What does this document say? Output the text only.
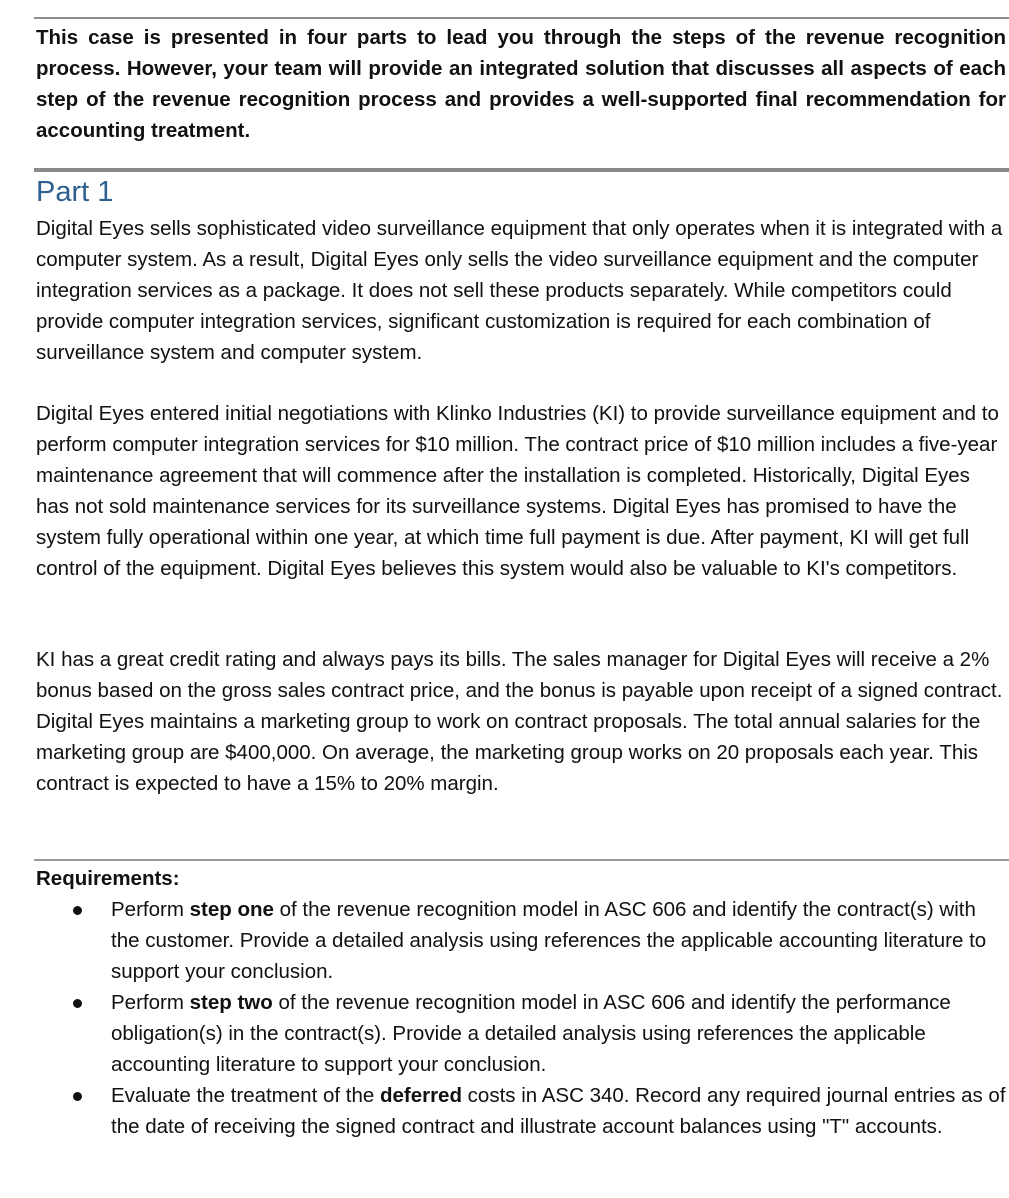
This case is presented in four parts to lead you through the steps of the revenue recognition process. However, your team will provide an integrated solution that discusses all aspects of each step of the revenue recognition process and provides a well-supported final recommendation for accounting treatment.
Part 1
Digital Eyes sells sophisticated video surveillance equipment that only operates when it is integrated with a computer system. As a result, Digital Eyes only sells the video surveillance equipment and the computer integration services as a package. It does not sell these products separately. While competitors could provide computer integration services, significant customization is required for each combination of surveillance system and computer system.
Digital Eyes entered initial negotiations with Klinko Industries (KI) to provide surveillance equipment and to perform computer integration services for $10 million. The contract price of $10 million includes a five-year maintenance agreement that will commence after the installation is completed. Historically, Digital Eyes has not sold maintenance services for its surveillance systems. Digital Eyes has promised to have the system fully operational within one year, at which time full payment is due. After payment, KI will get full control of the equipment. Digital Eyes believes this system would also be valuable to KI's competitors.
KI has a great credit rating and always pays its bills. The sales manager for Digital Eyes will receive a 2% bonus based on the gross sales contract price, and the bonus is payable upon receipt of a signed contract. Digital Eyes maintains a marketing group to work on contract proposals. The total annual salaries for the marketing group are $400,000. On average, the marketing group works on 20 proposals each year. This contract is expected to have a 15% to 20% margin.
Requirements:
Perform step one of the revenue recognition model in ASC 606 and identify the contract(s) with the customer. Provide a detailed analysis using references the applicable accounting literature to support your conclusion.
Perform step two of the revenue recognition model in ASC 606 and identify the performance obligation(s) in the contract(s). Provide a detailed analysis using references the applicable accounting literature to support your conclusion.
Evaluate the treatment of the deferred costs in ASC 340. Record any required journal entries as of the date of receiving the signed contract and illustrate account balances using "T" accounts.
